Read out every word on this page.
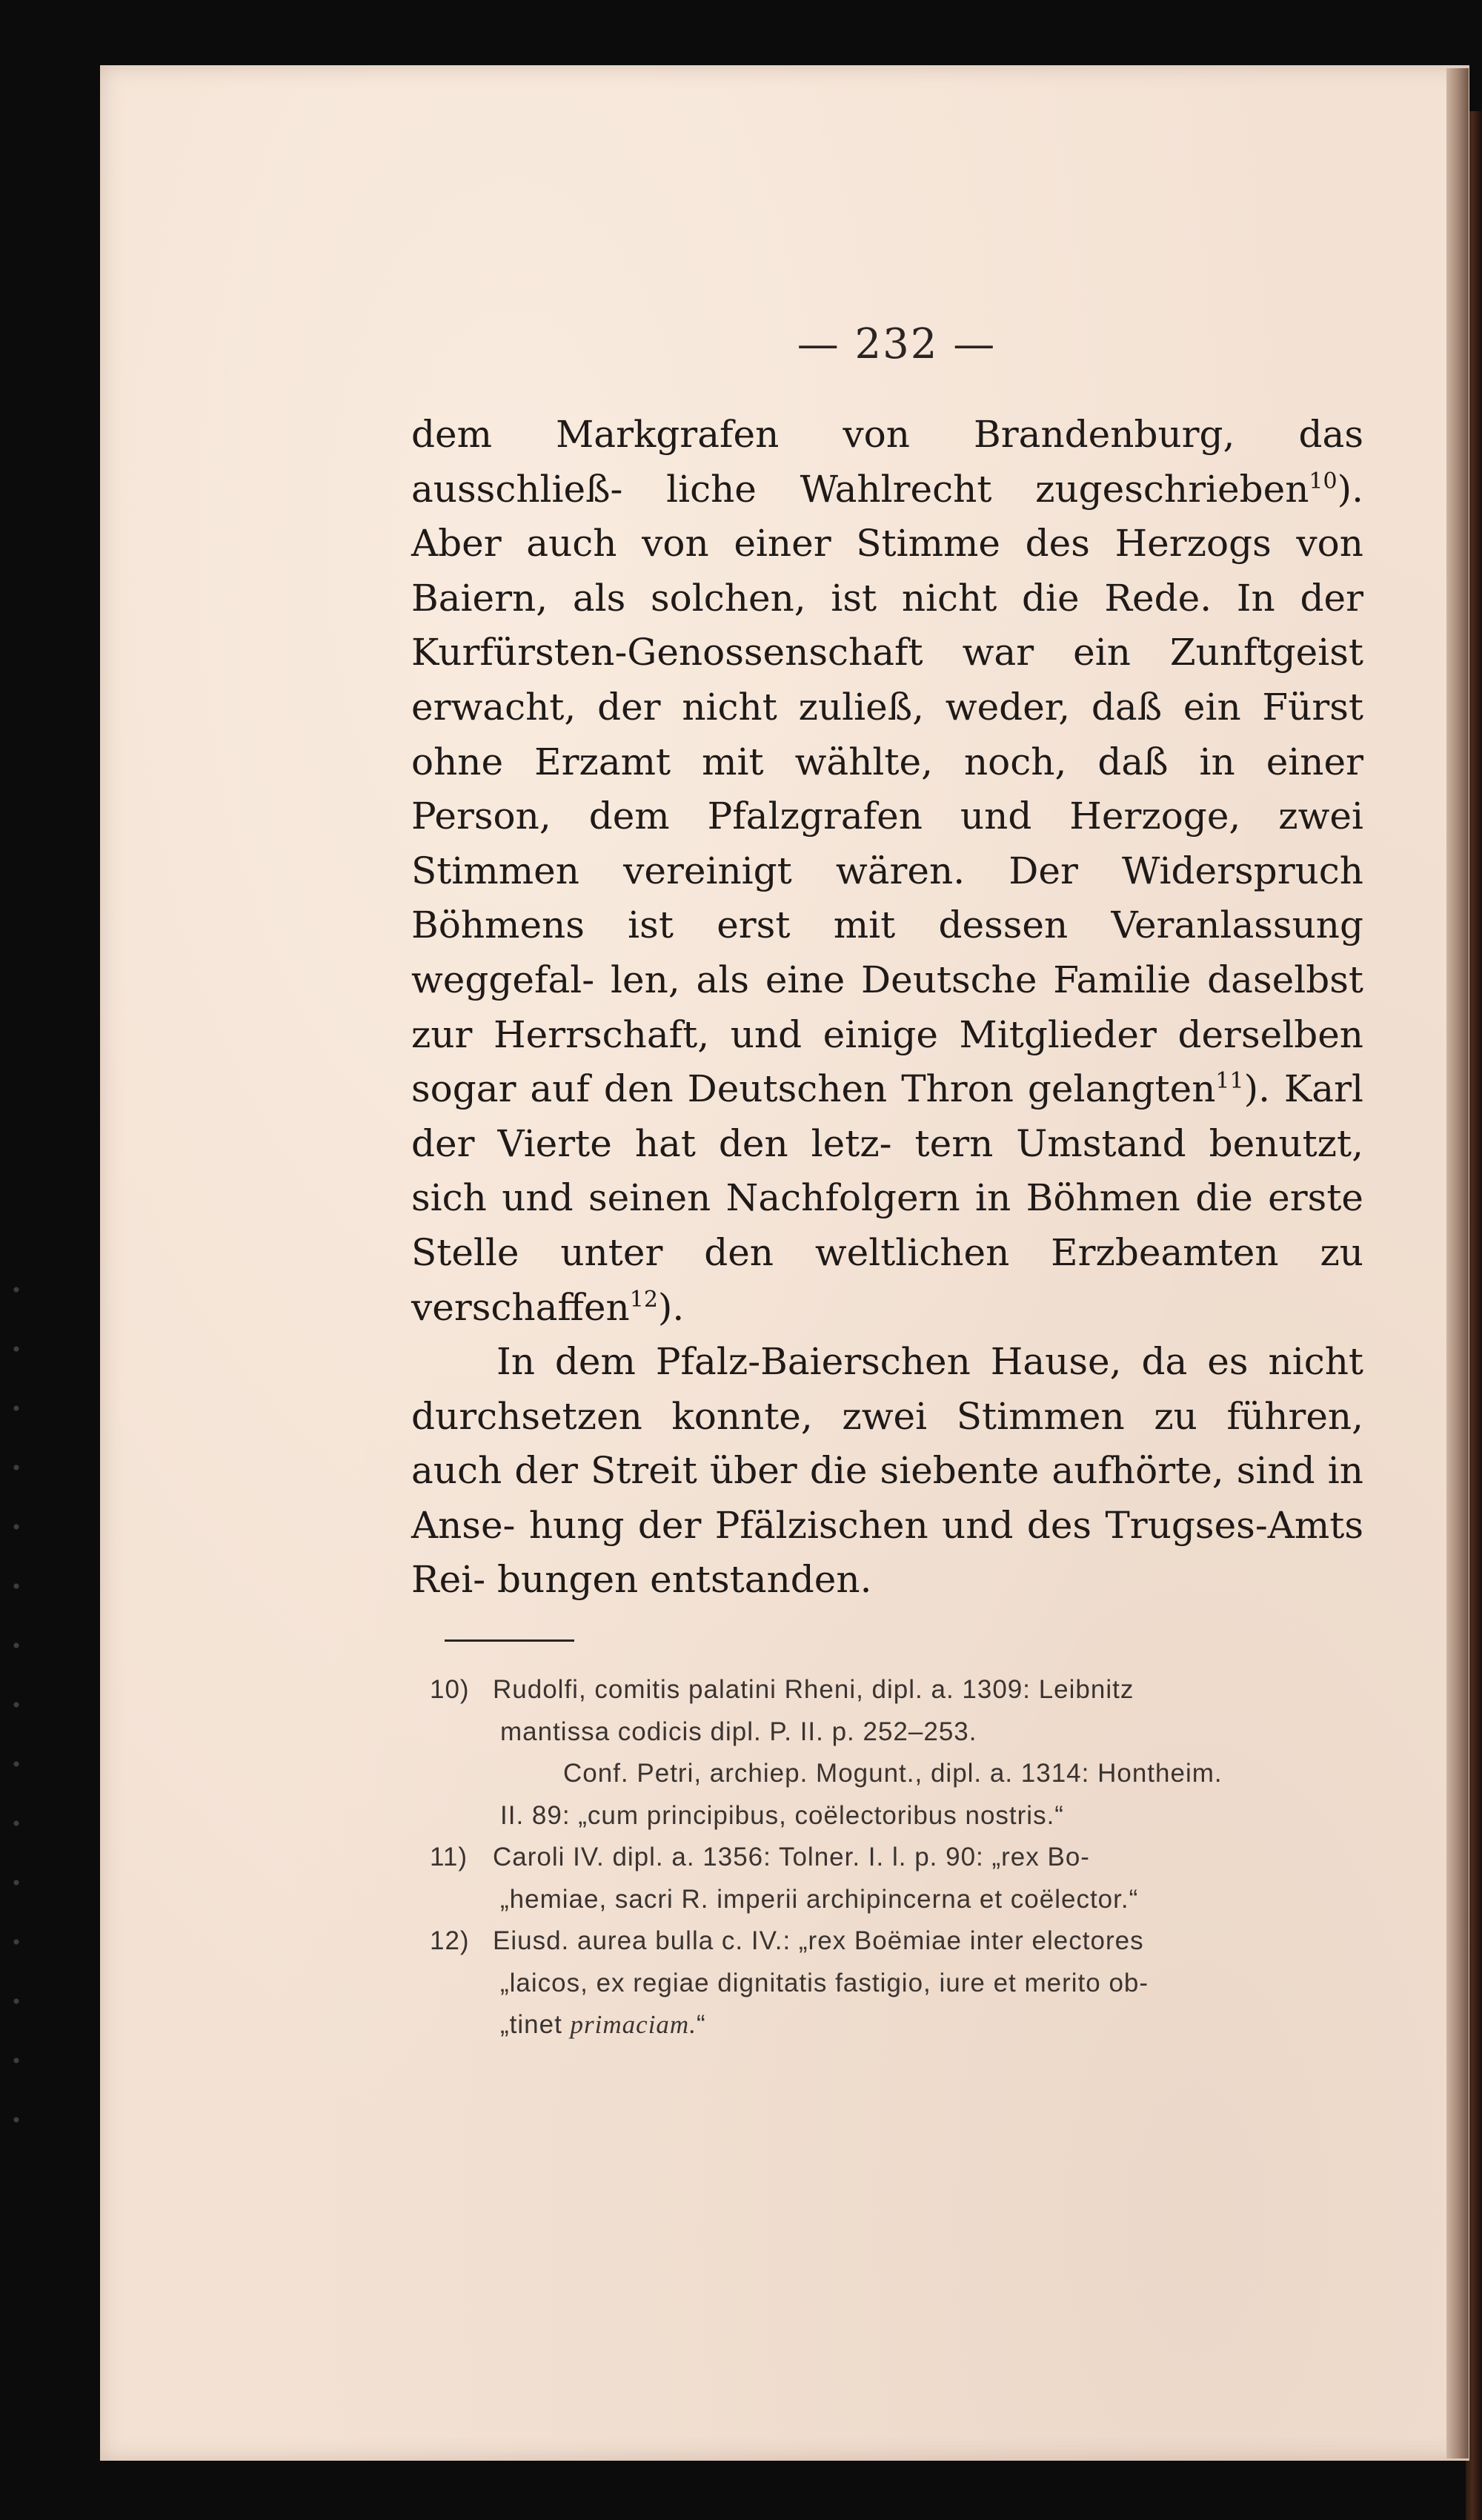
— 232 —

dem Markgrafen von Brandenburg, das ausschließ- liche Wahlrecht zugeschrieben$^{10}$). Aber auch von einer Stimme des Herzogs von Baiern, als solchen, ist nicht die Rede. In der Kurfürsten-Genossenschaft war ein Zunftgeist erwacht, der nicht zuließ, weder, daß ein Fürst ohne Erzamt mit wählte, noch, daß in einer Person, dem Pfalzgrafen und Herzoge, zwei Stimmen vereinigt wären. Der Widerspruch Böhmens ist erst mit dessen Veranlassung weggefal- len, als eine Deutsche Familie daselbst zur Herrschaft, und einige Mitglieder derselben sogar auf den Deutschen Thron gelangten$^{11}$). Karl der Vierte hat den letz- tern Umstand benutzt, sich und seinen Nachfolgern in Böhmen die erste Stelle unter den weltlichen Erzbeamten zu verschaffen$^{12}$).

In dem Pfalz-Baierschen Hause, da es nicht durchsetzen konnte, zwei Stimmen zu führen, auch der Streit über die siebente aufhörte, sind in Anse- hung der Pfälzischen und des Trugses-Amts Rei- bungen entstanden.

10) Rudolfi, comitis palatini Rheni, dipl. a. 1309: Leibnitz
mantissa codicis dipl. P. II. p. 252–253.
Conf. Petri, archiep. Mogunt., dipl. a. 1314: Hontheim.
II. 89: „cum principibus, coëlectoribus nostris.“
11) Caroli IV. dipl. a. 1356: Tolner. I. l. p. 90: „rex Bo-
„hemiae, sacri R. imperii archipincerna et coëlector.“
12) Eiusd. aurea bulla c. IV.: „rex Boëmiae inter electores
„laicos, ex regiae dignitatis fastigio, iure et merito ob-
„tinet primaciam.“
